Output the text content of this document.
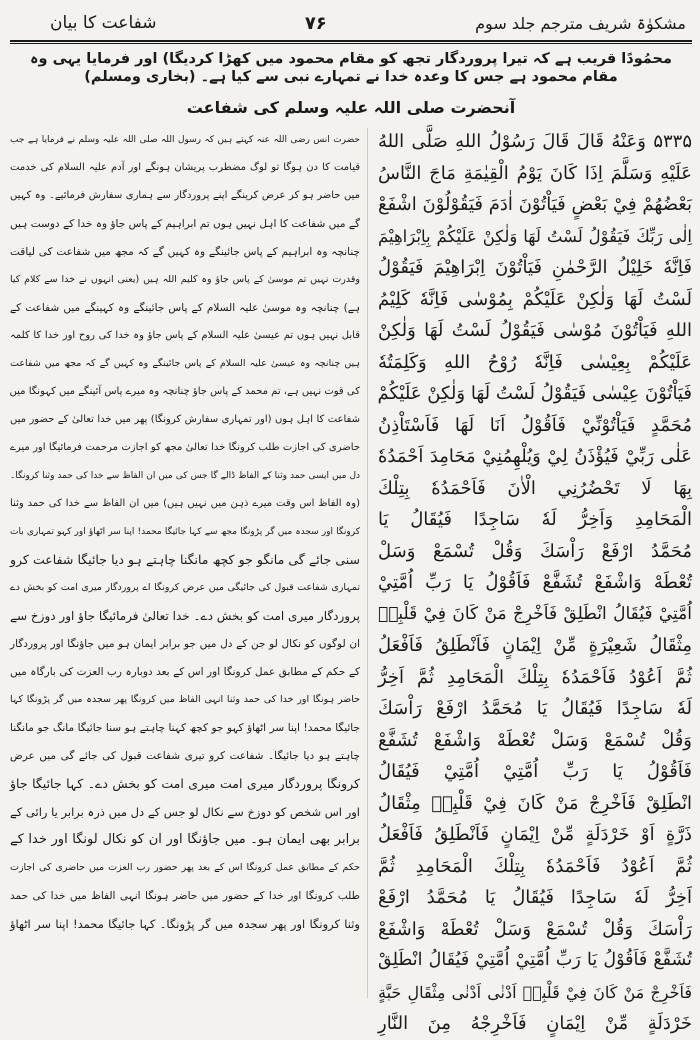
شفاعت کا بیان	۷۶	مشکوٰۃ شریف مترجم جلد سوم
محمُودًا قریب ہے کہ تیرا پروردگار تجھ کو مقام محمود میں کھڑا کردیگا) اور فرمایا یہی وہ مقام محمود ہے جس کا وعدہ خدا نے تمہارے نبی سے کیا ہے۔ (بخاری ومسلم)
آنحضرت صلی اللہ علیہ وسلم کی شفاعت
حضرت انس رضی اللہ عنہ کہتے ہیں کہ رسول اللہ صلی اللہ علیہ وسلم نے فرمایا ہے جب
قیامت کا دن ہوگا تو لوگ مضطرب پریشان ہونگے اور آدم علیہ السلام کی خدمت
میں حاضر ہو کر عرض کرینگے اپنے پروردگار سے ہماری سفارش فرمائیے۔ وہ کہیں
گے میں شفاعت کا اہل نہیں ہوں تم ابراہیم کے پاس جاؤ وہ خدا کے دوست ہیں
چنانچہ وہ ابراہیم کے پاس جائینگے وہ کہیں گے کہ مجھ میں شفاعت کی لیاقت
وقدرت نہیں تم موسیٰ کے پاس جاؤ وہ کلیم اللہ ہیں (یعنی انہوں نے خدا سے کلام کیا
ہے) چنانچہ وہ موسیٰ علیہ السلام کے پاس جائینگے وہ کہینگے میں شفاعت کے
قابل نہیں ہوں تم عیسیٰ علیہ السلام کے پاس جاؤ وہ خدا کی روح اور خدا کا کلمہ
ہیں چنانچہ وہ عیسیٰ علیہ السلام کے پاس جائینگے وہ کہیں گے کہ مجھ میں شفاعت
کی قوت نہیں ہے، تم محمد کے پاس جاؤ چنانچہ وہ میرے پاس آئینگے میں کہونگا میں
شفاعت کا اہل ہوں (اور تمہاری سفارش کرونگا) پھر میں خدا تعالیٰ کے حضور میں
حاضری کی اجازت طلب کرونگا خدا تعالیٰ مجھ کو اجازت مرحمت فرمائیگا اور میرے
دل میں ایسی حمد وثنا کے الفاظ ڈالے گا جس کی میں ان الفاظ سے خدا کی حمد وثنا کرونگا۔
(وہ الفاظ اس وقت میرے ذہن میں نہیں ہیں) میں ان الفاظ سے خدا کی حمد وثنا
کرونگا اور سجدہ میں گر پڑونگا مجھ سے کہا جائیگا محمد! اپنا سر اٹھاؤ اور کہو تمہاری بات
سنی جائے گی مانگو جو کچھ مانگنا چاہتے ہو دیا جائیگا شفاعت کرو
تمہاری شفاعت قبول کی جائیگی میں عرض کرونگا اے پروردگار میری امت کو بخش دے
پروردگار میری امت کو بخش دے۔ خدا تعالیٰ فرمائیگا جاؤ اور دوزخ سے
ان لوگوں کو نکال لو جن کے دل میں جو برابر ایمان ہو میں جاؤنگا اور پروردگار
کے حکم کے مطابق عمل کرونگا اور اس کے بعد دوبارہ رب العزت کی بارگاہ میں
حاضر ہونگا اور خدا کی حمد وثنا انہی الفاظ میں کرونگا پھر سجدہ میں گر پڑونگا کہا
جائیگا محمد! اپنا سر اٹھاؤ کہو جو کچھ کہنا چاہتے ہو سنا جائیگا مانگ جو مانگنا
چاہتے ہو دیا جائیگا۔ شفاعت کرو تیری شفاعت قبول کی جائے گی میں عرض
کرونگا پروردگار میری امت میری امت کو بخش دے۔ کہا جائیگا جاؤ
اور اس شخص کو دوزخ سے نکال لو جس کے دل میں ذرہ برابر یا رائی کے
برابر بھی ایمان ہو۔ میں جاؤنگا اور ان کو نکال لونگا اور خدا کے
حکم کے مطابق عمل کرونگا اس کے بعد پھر حضور رب العزت میں حاضری کی اجازت
طلب کرونگا اور خدا کے حضور میں حاضر ہونگا انہی الفاظ میں خدا کی حمد
وثنا کرونگا اور پھر سجدہ میں گر پڑونگا۔ کہا جائیگا محمد! اپنا سر اٹھاؤ
۵۳۳۵ وَعَنْهُ قَالَ قَالَ رَسُوْلُ اللهِ صَلَّى اللهُ
عَلَيْهِ وَسَلَّمَ اِذَا كَانَ يَوْمُ الْقِيٰمَةِ مَاجَ النَّاسُ
بَعْضُهُمْ فِيْ بَعْضٍ فَيَاْتُوْنَ اٰدَمَ فَيَقُوْلُوْنَ اشْفَعْ
اِلٰى رَبِّكَ فَيَقُوْلُ لَسْتُ لَهَا وَلٰكِنْ عَلَيْكُمْ بِاِبْرَاهِيْمَ
فَاِنَّهٗ خَلِيْلُ الرَّحْمٰنِ فَيَاْتُوْنَ اِبْرَاهِيْمَ فَيَقُوْلُ
لَسْتُ لَهَا وَلٰكِنْ عَلَيْكُمْ بِمُوْسٰى فَاِنَّهٗ كَلِيْمُ
اللهِ فَيَاْتُوْنَ مُوْسٰى فَيَقُوْلُ لَسْتُ لَهَا وَلٰكِنْ
عَلَيْكُمْ بِعِيْسٰى فَاِنَّهٗ رُوْحُ اللهِ وَكَلِمَتُهٗ
فَيَاْتُوْنَ عِيْسٰى فَيَقُوْلُ لَسْتُ لَهَا وَلٰكِنْ عَلَيْكُمْ
مُحَمَّدٍ فَيَاْتُوْنِّيْ فَاَقُوْلُ اَنَا لَهَا فَاَسْتَاْذِنُ
عَلٰى رَبِّيْ فَيُؤْذَنُ لِيْ وَيُلْهِمُنِيْ مَحَامِدَ اَحْمَدُهٗ
بِهَا لَا تَحْضُرُنِي الْاٰنَ فَاَحْمَدُهٗ بِتِلْكَ
الْمَحَامِدِ وَاَخِرُّ لَهٗ سَاجِدًا فَيُقَالُ يَا
مُحَمَّدُ ارْفَعْ رَاْسَكَ وَقُلْ تُسْمَعْ وَسَلْ
تُعْطَهْ وَاشْفَعْ تُشَفَّعْ فَاَقُوْلُ يَا رَبِّ اُمَّتِيْ
اُمَّتِيْ فَيُقَالُ انْطَلِقْ فَاَخْرِجْ مَنْ كَانَ فِيْ قَلْبِهٖ
مِثْقَالُ شَعِيْرَةٍ مِّنْ اِيْمَانٍ فَاَنْطَلِقُ فَاَفْعَلُ
ثُمَّ اَعُوْدُ فَاَحْمَدُهٗ بِتِلْكَ الْمَحَامِدِ ثُمَّ اَخِرُّ
لَهٗ سَاجِدًا فَيُقَالُ يَا مُحَمَّدُ ارْفَعْ رَاْسَكَ
وَقُلْ تُسْمَعْ وَسَلْ تُعْطَهْ وَاشْفَعْ تُشَفَّعْ
فَاَقُوْلُ يَا رَبِّ اُمَّتِيْ اُمَّتِيْ فَيُقَالُ
انْطَلِقْ فَاَخْرِجْ مَنْ كَانَ فِيْ قَلْبِهٖ مِثْقَالُ
ذَرَّةٍ اَوْ خَرْدَلَةٍ مِّنْ اِيْمَانٍ فَاَنْطَلِقُ فَاَفْعَلُ
ثُمَّ اَعُوْدُ فَاَحْمَدُهٗ بِتِلْكَ الْمَحَامِدِ ثُمَّ
اَخِرُّ لَهٗ سَاجِدًا فَيُقَالُ يَا مُحَمَّدُ ارْفَعْ
رَاْسَكَ وَقُلْ تُسْمَعْ وَسَلْ تُعْطَهْ وَاشْفَعْ
تُشَفَّعْ فَاَقُوْلُ يَا رَبِّ اُمَّتِيْ اُمَّتِيْ فَيُقَالُ انْطَلِقْ
فَاَخْرِجْ مَنْ كَانَ فِيْ قَلْبِهٖ اَدْنٰى اَدْنٰى مِثْقَالِ حَبَّةٍ
خَرْدَلَةٍ مِّنْ اِيْمَانٍ فَاَخْرِجْهُ مِنَ النَّارِ
